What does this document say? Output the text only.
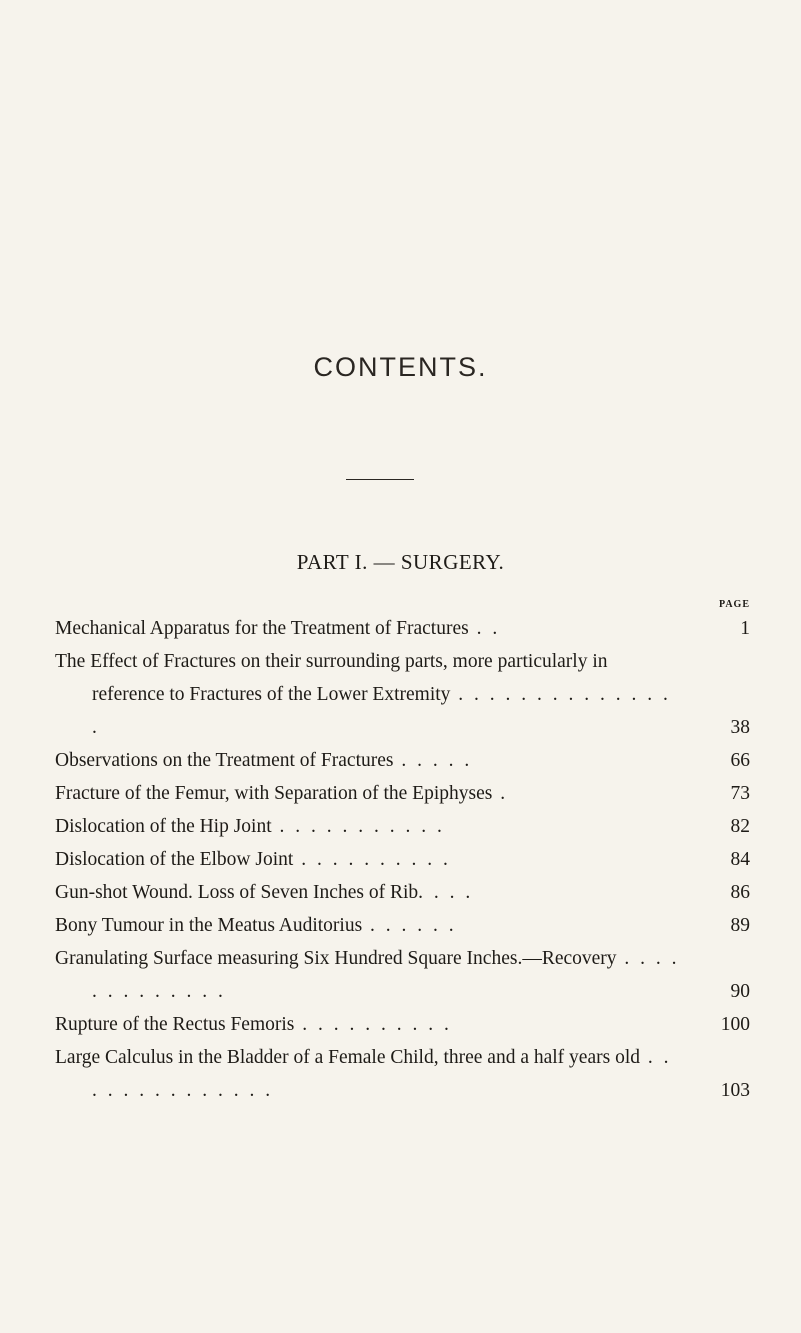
CONTENTS.
PART I. — SURGERY.
PAGE
Mechanical Apparatus for the Treatment of Fractures . .	1
The Effect of Fractures on their surrounding parts, more particularly in reference to Fractures of the Lower Extremity . . . . . . . . . . . . . . .	38
Observations on the Treatment of Fractures . . . . .	66
Fracture of the Femur, with Separation of the Epiphyses .	73
Dislocation of the Hip Joint . . . . . . . . . . .	82
Dislocation of the Elbow Joint . . . . . . . . . .	84
Gun-shot Wound. Loss of Seven Inches of Rib. . . .	86
Bony Tumour in the Meatus Auditorius . . . . . .	89
Granulating Surface measuring Six Hundred Square Inches.—Recovery . . . . . . . . . . . . .	90
Rupture of the Rectus Femoris . . . . . . . . . .	100
Large Calculus in the Bladder of a Female Child, three and a half years old . . . . . . . . . . . . . .	103
